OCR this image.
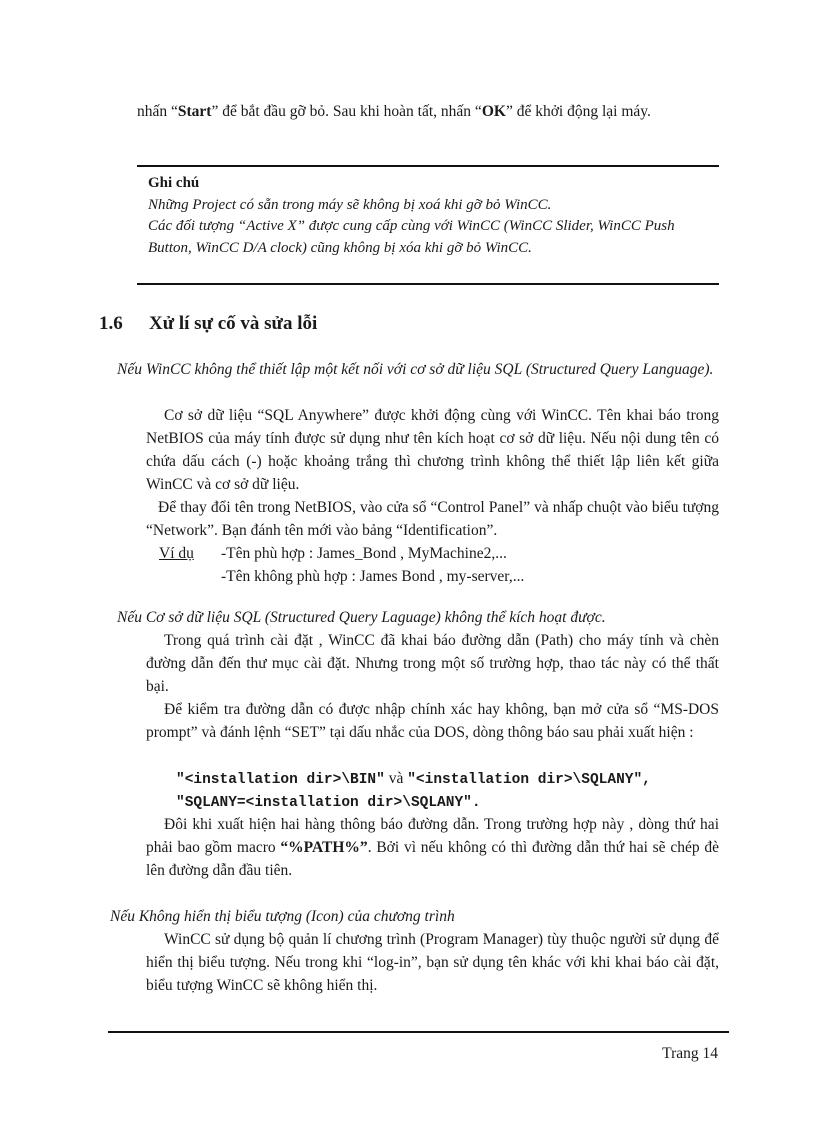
nhấn “Start” để bắt đầu gỡ bỏ. Sau khi hoàn tất, nhấn “OK” để khởi động lại máy.

Ghi chú

Những Project có sẵn trong máy sẽ không bị xoá khi gỡ bỏ WinCC.

Các đối tượng “Active X” được cung cấp cùng với WinCC (WinCC Slider, WinCC Push Button, WinCC D/A clock) cũng không bị xóa khi gỡ bỏ WinCC.

1.6 Xử lí sự cố và sửa lỗi

Nếu WinCC không thể thiết lập một kết nối với cơ sở dữ liệu SQL (Structured Query Language).

Cơ sở dữ liệu “SQL Anywhere” được khởi động cùng với WinCC. Tên khai báo trong NetBIOS của máy tính được sử dụng như tên kích hoạt cơ sở dữ liệu. Nếu nội dung tên có chứa dấu cách (-) hoặc khoảng trắng thì chương trình không thể thiết lập liên kết giữa WinCC và cơ sở dữ liệu.

Để thay đổi tên trong NetBIOS, vào cửa sổ “Control Panel” và nhấp chuột vào biểu tượng “Network”. Bạn đánh tên mới vào bảng “Identification”.

Ví dụ -Tên phù hợp : James_Bond , MyMachine2,...

-Tên không phù hợp : James Bond , my-server,...

Nếu Cơ sở dữ liệu SQL (Structured Query Laguage) không thể kích hoạt được.

Trong quá trình cài đặt , WinCC đã khai báo đường dẫn (Path) cho máy tính và chèn đường dẫn đến thư mục cài đặt. Nhưng trong một số trường hợp, thao tác này có thể thất bại.

Để kiểm tra đường dẫn có được nhập chính xác hay không, bạn mở cửa sổ “MS-DOS prompt” và đánh lệnh “SET” tại dấu nhắc của DOS, dòng thông báo sau phải xuất hiện :

"<installation dir>\BIN" và "<installation dir>\SQLANY",

"SQLANY=<installation dir>\SQLANY".

Đôi khi xuất hiện hai hàng thông báo đường dẫn. Trong trường hợp này , dòng thứ hai phải bao gồm macro “%PATH%”. Bởi vì nếu không có thì đường dẫn thứ hai sẽ chép đè lên đường dẫn đầu tiên.

Nếu Không hiển thị biểu tượng (Icon) của chương trình

WinCC sử dụng bộ quản lí chương trình (Program Manager) tùy thuộc người sử dụng để hiển thị biểu tượng. Nếu trong khi “log-in”, bạn sử dụng tên khác với khi khai báo cài đặt, biểu tượng WinCC sẽ không hiển thị.

Trang 14
